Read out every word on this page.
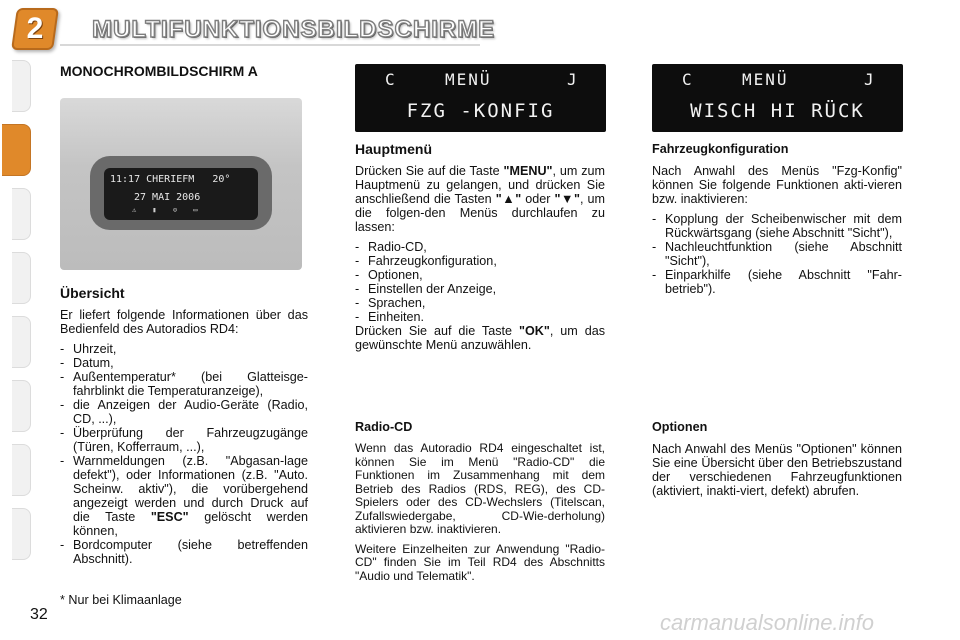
2	MULTIFUNKTIONSBILDSCHIRME
MONOCHROMBILDSCHIRM A
11:17 CHERIEFM   20°
27 MAI 2006
⚠ ▮ ⊙ ▭
Übersicht
Er liefert folgende Informationen über das Bedienfeld des Autoradios RD4:
- Uhrzeit,
- Datum,
- Außentemperatur* (bei Glatteisge-fahrblinkt die Temperaturanzeige),
- die Anzeigen der Audio-Geräte (Radio, CD, ...),
- Überprüfung der Fahrzeugzugänge (Türen, Kofferraum, ...),
- Warnmeldungen (z.B. "Abgasan-lage defekt"), oder Informationen (z.B. "Auto. Scheinw. aktiv"), die vorübergehend angezeigt werden und durch Druck auf die Taste "ESC" gelöscht werden können,
- Bordcomputer (siehe betreffenden Abschnitt).
C	MENÜ	J
FZG -KONFIG
Hauptmenü
Drücken Sie auf die Taste "MENU", um zum Hauptmenü zu gelangen, und drücken Sie anschließend die Tasten "▲" oder "▼", um die folgen-den Menüs durchlaufen zu lassen:
- Radio-CD,
- Fahrzeugkonfiguration,
- Optionen,
- Einstellen der Anzeige,
- Sprachen,
- Einheiten.
Drücken Sie auf die Taste "OK", um das gewünschte Menü anzuwählen.
Radio-CD
Wenn das Autoradio RD4 eingeschaltet ist, können Sie im Menü "Radio-CD" die Funktionen im Zusammenhang mit dem Betrieb des Radios (RDS, REG), des CD-Spielers oder des CD-Wechslers (Titelscan, Zufallswiedergabe, CD-Wie-derholung) aktivieren bzw. inaktivieren.
Weitere Einzelheiten zur Anwendung "Radio-CD" finden Sie im Teil RD4 des Abschnitts "Audio und Telematik".
C	MENÜ	J
WISCH HI RÜCK
Fahrzeugkonfiguration
Nach Anwahl des Menüs "Fzg-Konfig" können Sie folgende Funktionen akti-vieren bzw. inaktivieren:
- Kopplung der Scheibenwischer mit dem Rückwärtsgang (siehe Abschnitt "Sicht"),
- Nachleuchtfunktion (siehe Abschnitt "Sicht"),
- Einparkhilfe (siehe Abschnitt "Fahr-betrieb").
Optionen
Nach Anwahl des Menüs "Optionen" können Sie eine Übersicht über den Betriebszustand der verschiedenen Fahrzeugfunktionen (aktiviert, inakti-viert, defekt) abrufen.
* Nur bei Klimaanlage
32	carmanualsonline.info
